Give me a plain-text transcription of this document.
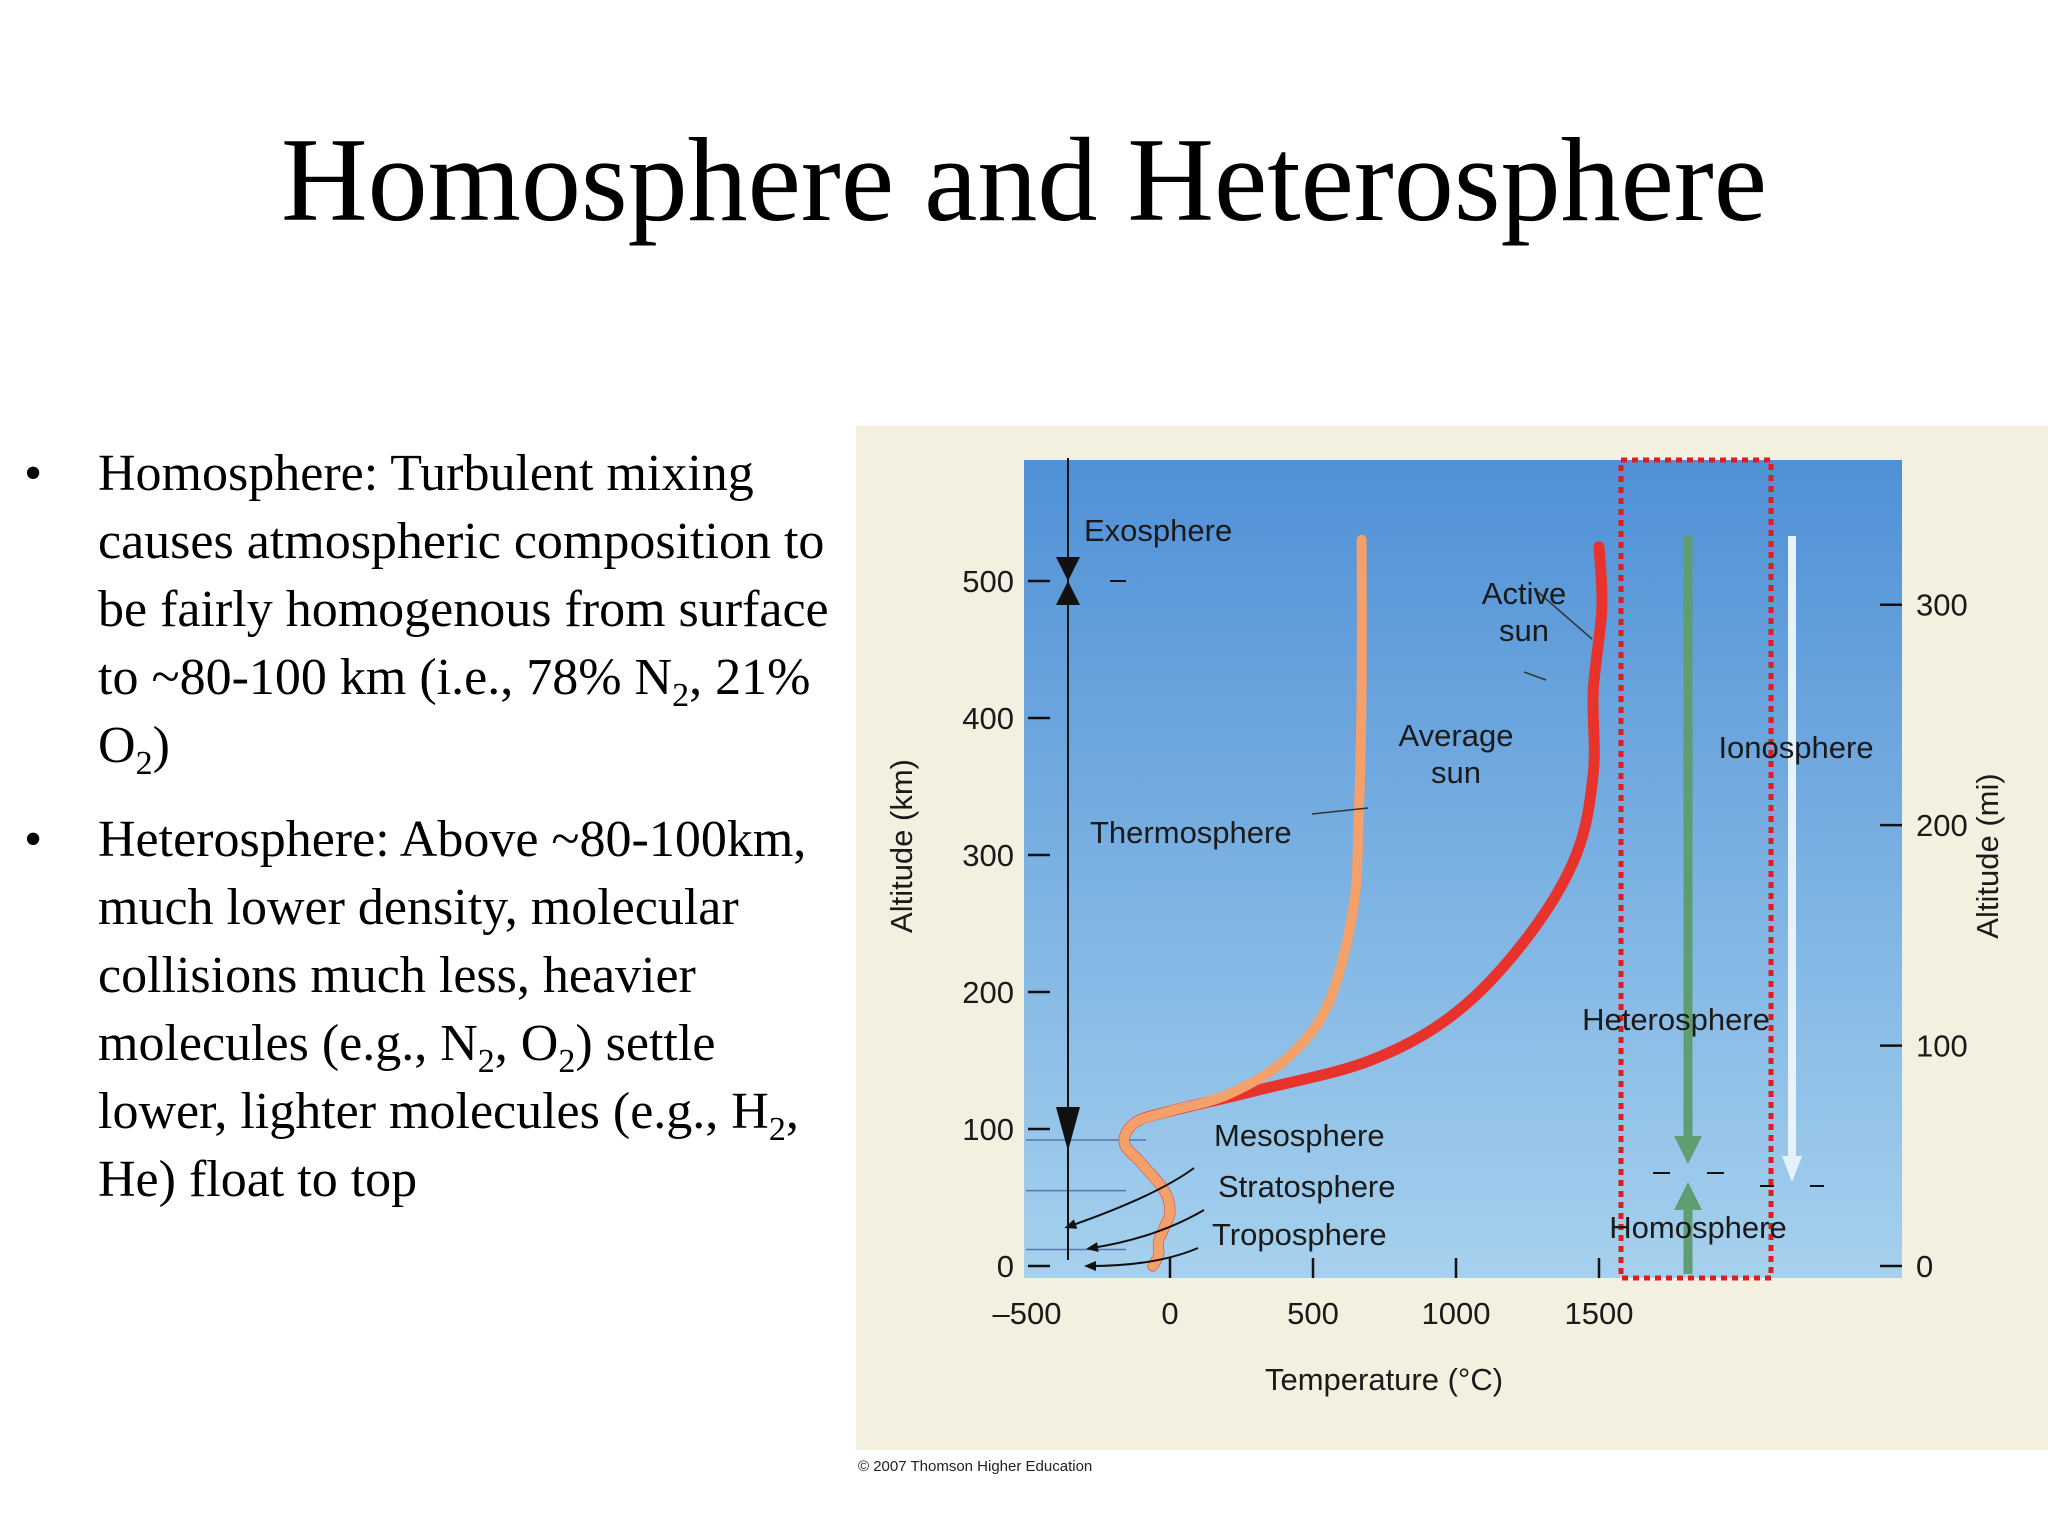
Homosphere and Heterosphere
• Homosphere: Turbulent mixing causes atmospheric composition to be fairly homogenous from surface to ~80-100 km (i.e., 78% $N_2$, 21% $O_2$)
• Heterosphere: Above ~80-100km, much lower density, molecular collisions much less, heavier molecules (e.g., $N_2$, $O_2$) settle lower, lighter molecules (e.g., $H_2$, He) float to top
0
100
200
300
400
500
Altitude (km)
0
100
200
300
Altitude (mi)
–500	0	500	1000 1500
Temperature (°C)
Exosphere
Thermosphere
Mesosphere
Stratosphere
Troposphere
Active
sun
Average
sun
Ionosphere
Heterosphere
Homosphere
© 2007 Thomson Higher Education
